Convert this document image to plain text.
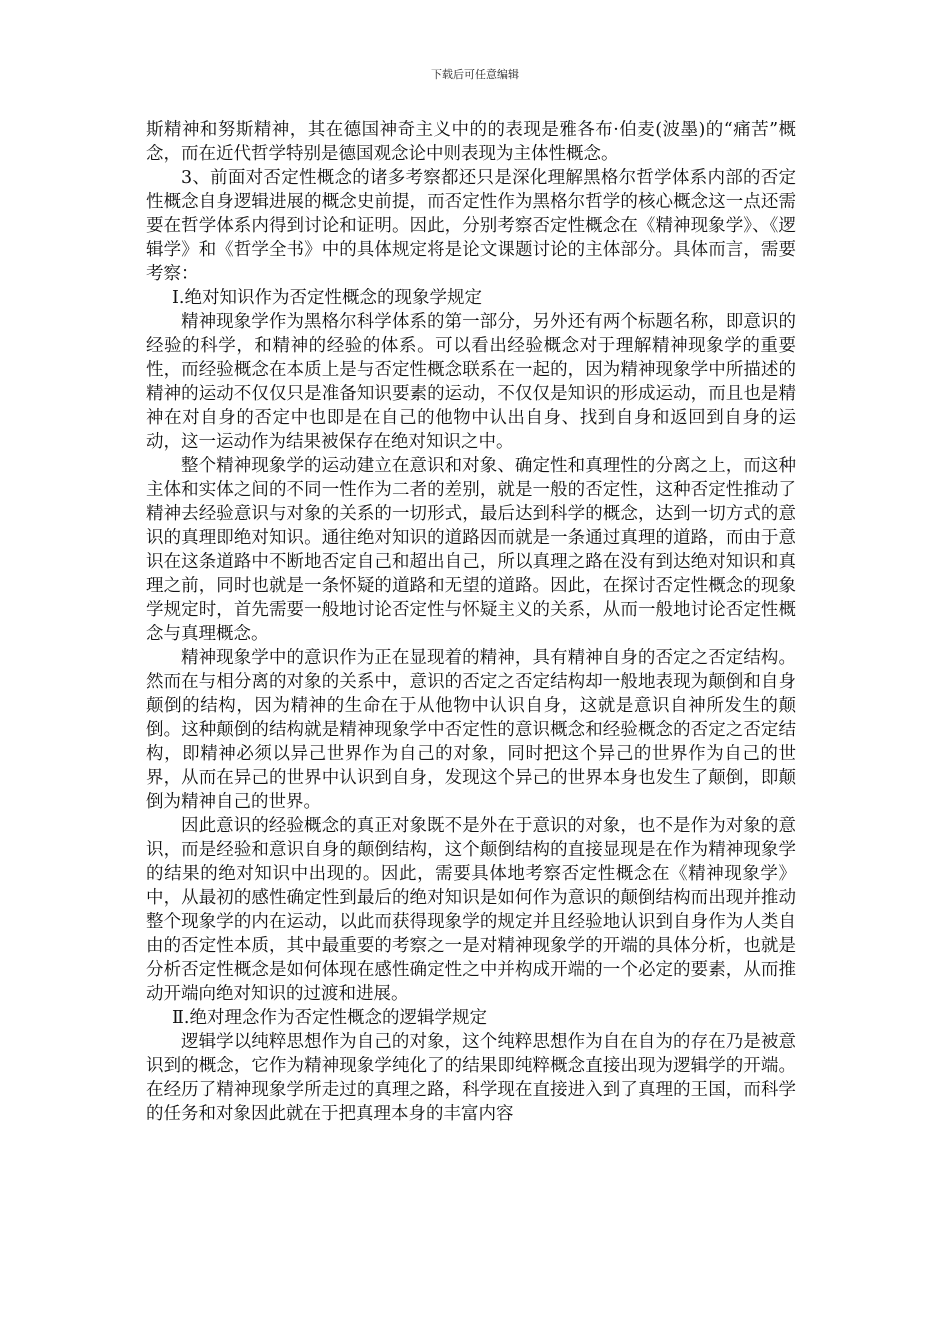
下载后可任意编辑

斯精神和努斯精神，其在德国神奇主义中的的表现是雅各布·伯麦(波墨)的“痛苦”概念，而在近代哲学特别是德国观念论中则表现为主体性概念。

3、前面对否定性概念的诸多考察都还只是深化理解黑格尔哲学体系内部的否定性概念自身逻辑进展的概念史前提，而否定性作为黑格尔哲学的核心概念这一点还需要在哲学体系内得到讨论和证明。因此，分别考察否定性概念在《精神现象学》、《逻辑学》和《哲学全书》中的具体规定将是论文课题讨论的主体部分。具体而言，需要考察：

Ⅰ.绝对知识作为否定性概念的现象学规定

精神现象学作为黑格尔科学体系的第一部分，另外还有两个标题名称，即意识的经验的科学，和精神的经验的体系。可以看出经验概念对于理解精神现象学的重要性，而经验概念在本质上是与否定性概念联系在一起的，因为精神现象学中所描述的精神的运动不仅仅只是准备知识要素的运动，不仅仅是知识的形成运动，而且也是精神在对自身的否定中也即是在自己的他物中认出自身、找到自身和返回到自身的运动，这一运动作为结果被保存在绝对知识之中。

整个精神现象学的运动建立在意识和对象、确定性和真理性的分离之上，而这种主体和实体之间的不同一性作为二者的差别，就是一般的否定性，这种否定性推动了精神去经验意识与对象的关系的一切形式，最后达到科学的概念，达到一切方式的意识的真理即绝对知识。通往绝对知识的道路因而就是一条通过真理的道路，而由于意识在这条道路中不断地否定自己和超出自己，所以真理之路在没有到达绝对知识和真理之前，同时也就是一条怀疑的道路和无望的道路。因此，在探讨否定性概念的现象学规定时，首先需要一般地讨论否定性与怀疑主义的关系，从而一般地讨论否定性概念与真理概念。

精神现象学中的意识作为正在显现着的精神，具有精神自身的否定之否定结构。然而在与相分离的对象的关系中，意识的否定之否定结构却一般地表现为颠倒和自身颠倒的结构，因为精神的生命在于从他物中认识自身，这就是意识自神所发生的颠倒。这种颠倒的结构就是精神现象学中否定性的意识概念和经验概念的否定之否定结构，即精神必须以异己世界作为自己的对象，同时把这个异己的世界作为自己的世界，从而在异己的世界中认识到自身，发现这个异己的世界本身也发生了颠倒，即颠倒为精神自己的世界。

因此意识的经验概念的真正对象既不是外在于意识的对象，也不是作为对象的意识，而是经验和意识自身的颠倒结构，这个颠倒结构的直接显现是在作为精神现象学的结果的绝对知识中出现的。因此，需要具体地考察否定性概念在《精神现象学》中，从最初的感性确定性到最后的绝对知识是如何作为意识的颠倒结构而出现并推动整个现象学的内在运动，以此而获得现象学的规定并且经验地认识到自身作为人类自由的否定性本质，其中最重要的考察之一是对精神现象学的开端的具体分析，也就是分析否定性概念是如何体现在感性确定性之中并构成开端的一个必定的要素，从而推动开端向绝对知识的过渡和进展。

Ⅱ.绝对理念作为否定性概念的逻辑学规定

逻辑学以纯粹思想作为自己的对象，这个纯粹思想作为自在自为的存在乃是被意识到的概念，它作为精神现象学纯化了的结果即纯粹概念直接出现为逻辑学的开端。在经历了精神现象学所走过的真理之路，科学现在直接进入到了真理的王国，而科学的任务和对象因此就在于把真理本身的丰富内容
